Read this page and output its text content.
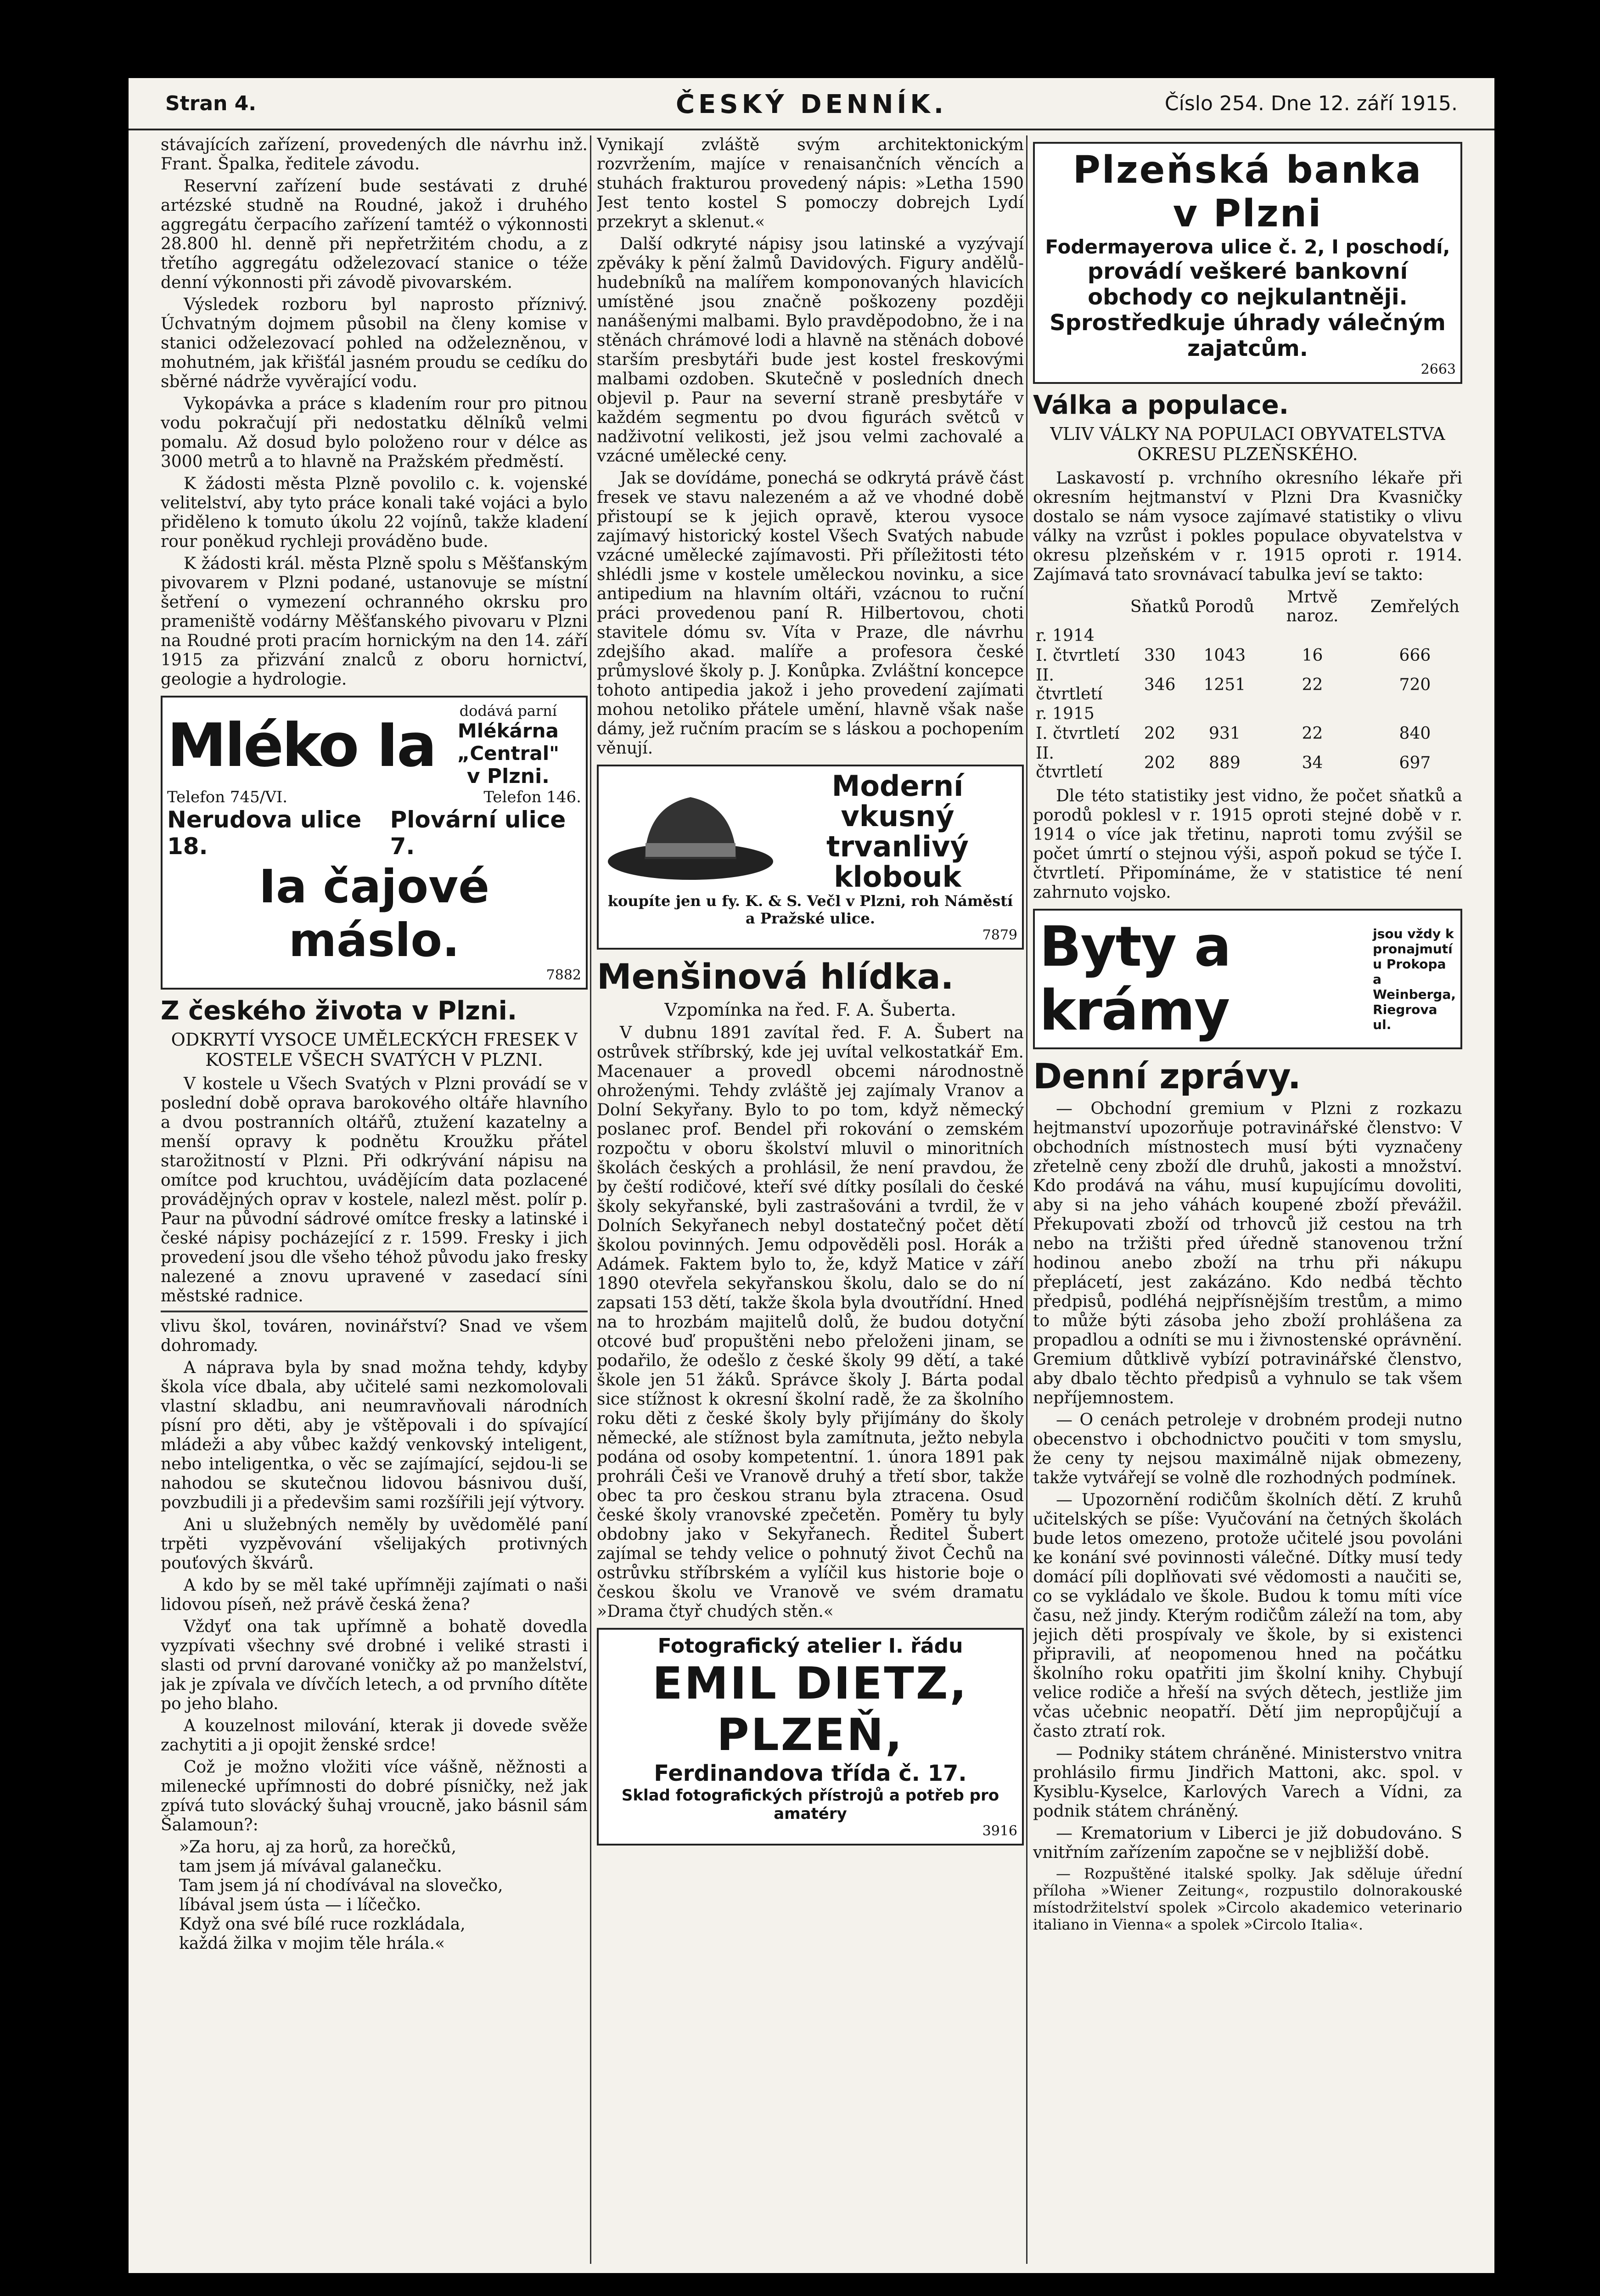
Stran 4.	ČESKÝ DENNÍK.	Číslo 254. Dne 12. září 1915.

stávajících zařízení, provedených dle návrhu inž. Frant. Špalka, ředitele závodu.

Reservní zařízení bude sestávati z druhé artézské studně na Roudné, jakož i druhého aggregátu čerpacího zařízení tamtéž o výkonnosti 28.800 hl. denně při nepřetržitém chodu, a z třetího aggregátu odželezovací stanice o téže denní výkonnosti při závodě pivovarském.

Výsledek rozboru byl naprosto příznivý. Úchvatným dojmem působil na členy komise v stanici odželezovací pohled na odželezněnou, v mohutném, jak křišťál jasném proudu se cedíku do sběrné nádrže vyvěrající vodu.

Vykopávka a práce s kladením rour pro pitnou vodu pokračují při nedostatku dělníků velmi pomalu. Až dosud bylo položeno rour v délce as 3000 metrů a to hlavně na Pražském předměstí.

K žádosti města Plzně povolilo c. k. vojenské velitelství, aby tyto práce konali také vojáci a bylo přiděleno k tomuto úkolu 22 vojínů, takže kladení rour poněkud rychleji prováděno bude.

K žádosti král. města Plzně spolu s Měšťanským pivovarem v Plzni podané, ustanovuje se místní šetření o vymezení ochranného okrsku pro prameniště vodárny Měšťanského pivovaru v Plzni na Roudné proti pracím hornickým na den 14. září 1915 za přizvání znalců z oboru hornictví, geologie a hydrologie.

Mléko Ia	dodává parní
Mlékárna „Central"
v Plzni.
Telefon 745/VI.	Telefon 146.
Nerudova ulice 18.
Plovární ulice 7.
Ia čajové máslo.
7882
Z českého života v Plzni.
ODKRYTÍ VYSOCE UMĚLECKÝCH FRESEK V KOSTELE VŠECH SVATÝCH V PLZNI.

V kostele u Všech Svatých v Plzni provádí se v poslední době oprava barokového oltáře hlavního a dvou postranních oltářů, ztužení kazatelny a menší opravy k podnětu Kroužku přátel starožitností v Plzni. Při odkrývání nápisu na omítce pod kruchtou, uvádějícím data pozlacené provádějných oprav v kostele, nalezl měst. polír p. Paur na původní sádrové omítce fresky a latinské i české nápisy pocházející z r. 1599. Fresky i jich provedení jsou dle všeho téhož původu jako fresky nalezené a znovu upravené v zasedací síni městské radnice.

vlivu škol, továren, novinářství? Snad ve všem dohromady.

A náprava byla by snad možna tehdy, kdyby škola více dbala, aby učitelé sami nezkomolovali vlastní skladbu, ani neumravňovali národních písní pro děti, aby je vštěpovali i do spívající mládeži a aby vůbec každý venkovský inteligent, nebo inteligentka, o věc se zajímající, sejdou-li se nahodou se skutečnou lidovou básnivou duší, povzbudili ji a předevšim sami rozšířili její výtvory.

Ani u služebných neměly by uvědomělé paní trpěti vyzpěvování všelijakých protivných pouťových škvárů.

A kdo by se měl také upřímněji zajímati o naši lidovou píseň, než právě česká žena?

Vždyť ona tak upřímně a bohatě dovedla vyzpívati všechny své drobné i veliké strasti i slasti od první darované voničky až po manželství, jak je zpívala ve dívčích letech, a od prvního dítěte po jeho blaho.

A kouzelnost milování, kterak ji dovede svěže zachytiti a ji opojit ženské srdce!

Což je možno vložiti více vášně, něžnosti a milenecké upřímnosti do dobré písničky, než jak zpívá tuto slovácký šuhaj vroucně, jako básnil sám Šalamoun?:

»Za horu, aj za horů, za horečků,
tam jsem já mívával galanečku.
Tam jsem já ní chodívával na slovečko,
líbával jsem ústa — i líčečko.
Když ona své bílé ruce rozkládala,
každá žilka v mojim těle hrála.«

Vynikají zvláště svým architektonickým rozvržením, majíce v renaisančních věncích a stuhách frakturou provedený nápis: »Letha 1590 Jest tento kostel S pomoczy dobrejch Lydí przekryt a sklenut.«

Další odkryté nápisy jsou latinské a vyzývají zpěváky k pění žalmů Davidových. Figury andělů-hudebníků na malířem komponovaných hlavicích umístěné jsou značně poškozeny později nanášenými malbami. Bylo pravděpodobno, že i na stěnách chrámové lodi a hlavně na stěnách dobové starším presbytáři bude jest kostel freskovými malbami ozdoben. Skutečně v posledních dnech objevil p. Paur na severní straně presbytáře v každém segmentu po dvou figurách světců v nadživotní velikosti, jež jsou velmi zachovalé a vzácné umělecké ceny.

Jak se dovídáme, ponechá se odkrytá právě část fresek ve stavu nalezeném a až ve vhodné době přistoupí se k jejich opravě, kterou vysoce zajímavý historický kostel Všech Svatých nabude vzácné umělecké zajímavosti. Při příležitosti této shlédli jsme v kostele uměleckou novinku, a sice antipedium na hlavním oltáři, vzácnou to ruční práci provedenou paní R. Hilbertovou, choti stavitele dómu sv. Víta v Praze, dle návrhu zdejšího akad. malíře a profesora české průmyslové školy p. J. Konůpka. Zvláštní koncepce tohoto antipedia jakož i jeho provedení zajímati mohou netoliko přátele umění, hlavně však naše dámy, jež ručním pracím se s láskou a pochopením věnují.

Moderní vkusný trvanlivý klobouk
koupíte jen u fy. K. & S. Večl v Plzni, roh Náměstí a Pražské ulice.
7879
Menšinová hlídka.
Vzpomínka na řed. F. A. Šuberta.

V dubnu 1891 zavítal řed. F. A. Šubert na ostrůvek stříbrský, kde jej uvítal velkostatkář Em. Macenauer a provedl obcemi národnostně ohroženými. Tehdy zvláště jej zajímaly Vranov a Dolní Sekyřany. Bylo to po tom, když německý poslanec prof. Bendel při rokování o zemském rozpočtu v oboru školství mluvil o minoritních školách českých a prohlásil, že není pravdou, že by čeští rodičové, kteří své dítky posílali do české školy sekyřanské, byli zastrašováni a tvrdil, že v Dolních Sekyřanech nebyl dostatečný počet dětí školou povinných. Jemu odpověděli posl. Horák a Adámek. Faktem bylo to, že, když Matice v září 1890 otevřela sekyřanskou školu, dalo se do ní zapsati 153 dětí, takže škola byla dvoutřídní. Hned na to hrozbám majitelů dolů, že budou dotyční otcové buď propuštěni nebo přeloženi jinam, se podařilo, že odešlo z české školy 99 dětí, a také škole jen 51 žáků. Správce školy J. Bárta podal sice stížnost k okresní školní radě, že za školního roku děti z české školy byly přijímány do školy německé, ale stížnost byla zamítnuta, ježto nebyla podána od osoby kompetentní. 1. února 1891 pak prohráli Češi ve Vranově druhý a třetí sbor, takže obec ta pro českou stranu byla ztracena. Osud české školy vranovské zpečetěn. Poměry tu byly obdobny jako v Sekyřanech. Ředitel Šubert zajímal se tehdy velice o pohnutý život Čechů na ostrůvku stříbrském a vylíčil kus historie boje o českou školu ve Vranově ve svém dramatu »Drama čtyř chudých stěn.«

Fotografický atelier I. řádu
EMIL DIETZ, PLZEŇ,
Ferdinandova třída č. 17.
Sklad fotografických přístrojů a potřeb pro amatéry
3916
Plzeňská banka
v Plzni
Fodermayerova ulice č. 2, I poschodí,
provádí veškeré bankovní obchody co nejkulantněji.
Sprostředkuje úhrady válečným zajatcům.
2663
Válka a populace.
VLIV VÁLKY NA POPULACI OBYVATELSTVA OKRESU PLZEŇSKÉHO.

Laskavostí p. vrchního okresního lékaře při okresním hejtmanství v Plzni Dra Kvasničky dostalo se nám vysoce zajímavé statistiky o vlivu války na vzrůst i pokles populace obyvatelstva v okresu plzeňském v r. 1915 oproti r. 1914. Zajímavá tato srovnávací tabulka jeví se takto:

	Sňatků	Porodů	Mrtvě naroz.	Zemřelých
r. 1914				
I. čtvrtletí	330	1043	16	666
II. čtvrtletí	346	1251	22	720
r. 1915				
I. čtvrtletí	202	931	22	840
II. čtvrtletí	202	889	34	697

Dle této statistiky jest vidno, že počet sňatků a porodů poklesl v r. 1915 oproti stejné době v r. 1914 o více jak třetinu, naproti tomu zvýšil se počet úmrtí o stejnou výši, aspoň pokud se týče I. čtvrtletí. Připomínáme, že v statistice té není zahrnuto vojsko.

Byty a krámy
jsou vždy k pronajmutí u Prokopa a Weinberga, Riegrova ul.
Denní zprávy.

— Obchodní gremium v Plzni z rozkazu hejtmanství upozorňuje potravinářské členstvo: V obchodních místnostech musí býti vyznačeny zřetelně ceny zboží dle druhů, jakosti a množství. Kdo prodává na váhu, musí kupujícímu dovoliti, aby si na jeho váhách koupené zboží převážil. Překupovati zboží od trhovců již cestou na trh nebo na tržišti před úředně stanovenou tržní hodinou anebo zboží na trhu při nákupu přeplácetí, jest zakázáno. Kdo nedbá těchto předpisů, podléhá nejpřísnějším trestům, a mimo to může býti zásoba jeho zboží prohlášena za propadlou a odníti se mu i živnostenské oprávnění. Gremium důtklivě vybízí potravinářské členstvo, aby dbalo těchto předpisů a vyhnulo se tak všem nepříjemnostem.

— O cenách petroleje v drobném prodeji nutno obecenstvo i obchodnictvo poučiti v tom smyslu, že ceny ty nejsou maximálně nijak obmezeny, takže vytvářejí se volně dle rozhodných podmínek.

— Upozornění rodičům školních dětí. Z kruhů učitelských se píše: Vyučování na četných školách bude letos omezeno, protože učitelé jsou povoláni ke konání své povinnosti válečné. Dítky musí tedy domácí píli doplňovati své vědomosti a naučiti se, co se vykládalo ve škole. Budou k tomu míti více času, než jindy. Kterým rodičům záleží na tom, aby jejich děti prospívaly ve škole, by si existenci připravili, ať neopomenou hned na počátku školního roku opatřiti jim školní knihy. Chybují velice rodiče a hřeší na svých dětech, jestliže jim včas učebnic neopatří. Dětí jim nepropůjčují a často ztratí rok.

— Podniky státem chráněné. Ministerstvo vnitra prohlásilo firmu Jindřich Mattoni, akc. spol. v Kysiblu-Kyselce, Karlových Varech a Vídni, za podnik státem chráněný.

— Krematorium v Liberci je již dobudováno. S vnitřním zařízením započne se v nejbližší době.

— Rozpuštěné italské spolky. Jak sděluje úřední příloha »Wiener Zeitung«, rozpustilo dolnorakouské místodržitelství spolek »Circolo akademico veterinario italiano in Vienna« a spolek »Circolo Italia«.
